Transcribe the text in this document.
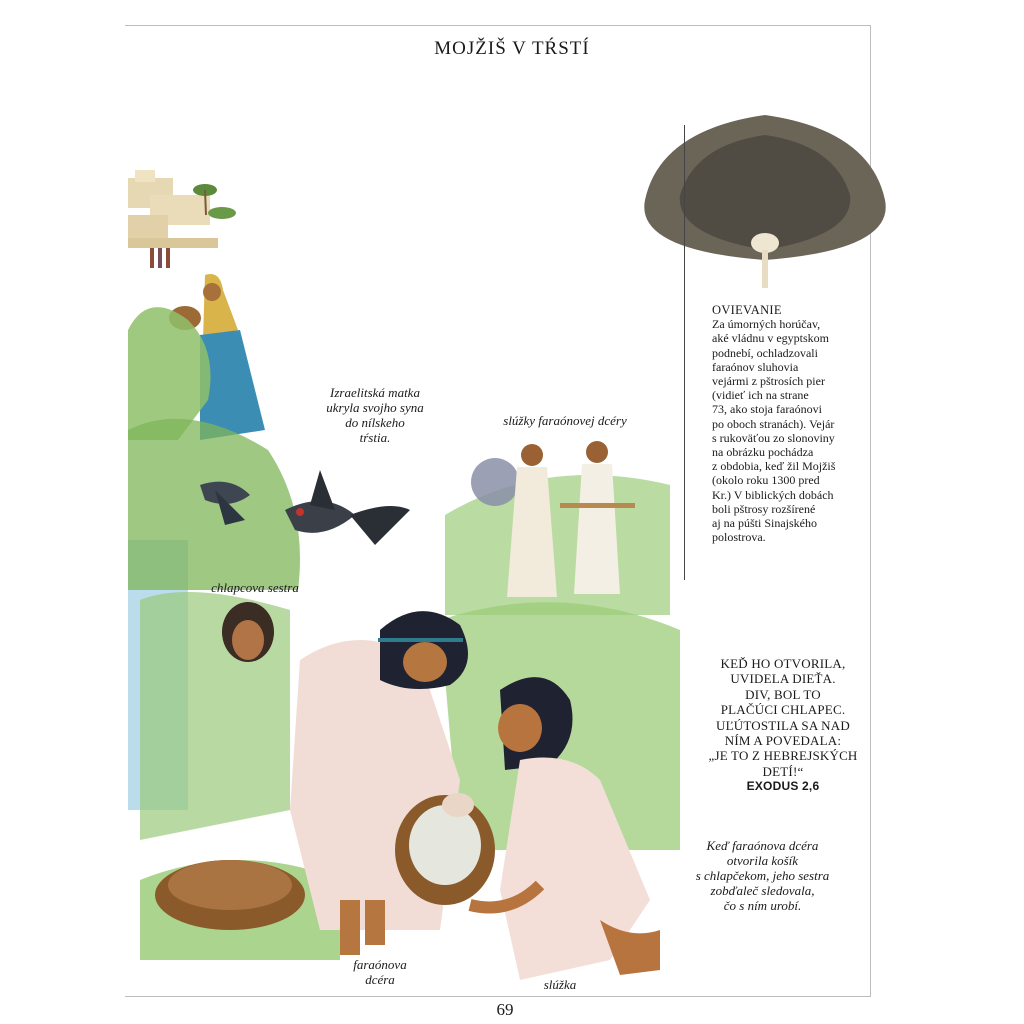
MOJŽIŠ V TŔSTÍ
OVIEVANIE
Za úmorných horúčav,
aké vládnu v egyptskom
podnebí, ochladzovali
faraónov sluhovia
vejármi z pštrosích pier
(vidieť ich na strane
73, ako stoja faraónovi
po oboch stranách). Vejár
s rukoväťou zo slonoviny
na obrázku pochádza
z obdobia, keď žil Mojžiš
(okolo roku 1300 pred
Kr.) V biblických dobách
boli pštrosy rozšírené
aj na púšti Sinajského
polostrova.
KEĎ HO OTVORILA,
UVIDELA DIEŤA.
DIV, BOL TO
PLAČÚCI CHLAPEC.
UĽÚTOSTILA SA NAD
NÍM A POVEDALA:
„JE TO Z HEBREJSKÝCH
DETÍ!“
EXODUS 2,6
Izraelitská matka
ukryla svojho syna
do nílskeho
tŕstia.
slúžky faraónovej dcéry
chlapcova sestra
faraónova
dcéra	slúžka
Keď faraónova dcéra
otvorila košík
s chlapčekom, jeho sestra
zobďaleč sledovala,
čo s ním urobí.
69
